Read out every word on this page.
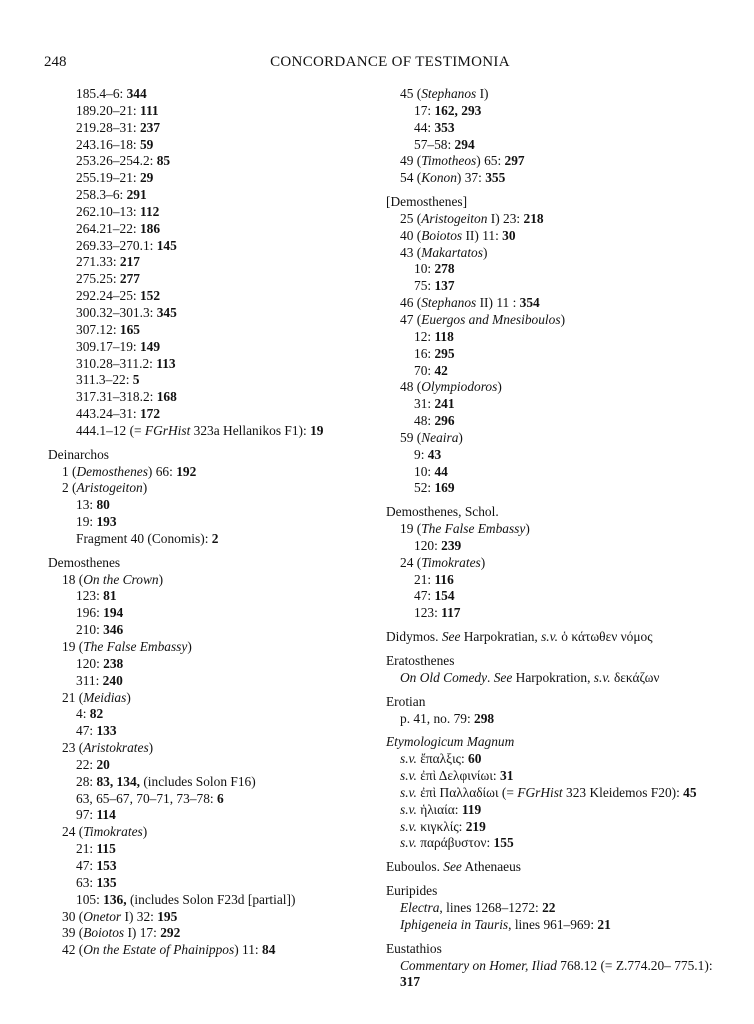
248	CONCORDANCE OF TESTIMONIA
185.4–6: 344
189.20–21: 111
219.28–31: 237
243.16–18: 59
253.26–254.2: 85
255.19–21: 29
258.3–6: 291
262.10–13: 112
264.21–22: 186
269.33–270.1: 145
271.33: 217
275.25: 277
292.24–25: 152
300.32–301.3: 345
307.12: 165
309.17–19: 149
310.28–311.2: 113
311.3–22: 5
317.31–318.2: 168
443.24–31: 172
444.1–12 (= FGrHist 323a Hellanikos F1): 19
Deinarchos
1 (Demosthenes) 66: 192
2 (Aristogeiton)
13: 80
19: 193
Fragment 40 (Conomis): 2
Demosthenes
18 (On the Crown)
123: 81
196: 194
210: 346
19 (The False Embassy)
120: 238
311: 240
21 (Meidias)
4: 82
47: 133
23 (Aristokrates)
22: 20
28: 83, 134, (includes Solon F16)
63, 65–67, 70–71, 73–78: 6
97: 114
24 (Timokrates)
21: 115
47: 153
63: 135
105: 136, (includes Solon F23d [partial])
30 (Onetor I) 32: 195
39 (Boiotos I) 17: 292
42 (On the Estate of Phainippos) 11: 84
45 (Stephanos I)
17: 162, 293
44: 353
57–58: 294
49 (Timotheos) 65: 297
54 (Konon) 37: 355
[Demosthenes]
25 (Aristogeiton I) 23: 218
40 (Boiotos II) 11: 30
43 (Makartatos)
10: 278
75: 137
46 (Stephanos II) 11 : 354
47 (Euergos and Mnesiboulos)
12: 118
16: 295
70: 42
48 (Olympiodoros)
31: 241
48: 296
59 (Neaira)
9: 43
10: 44
52: 169
Demosthenes, Schol.
19 (The False Embassy)
120: 239
24 (Timokrates)
21: 116
47: 154
123: 117
Didymos. See Harpokratian, s.v. ὁ κάτωθεν νόμος
Eratosthenes
On Old Comedy. See Harpokration, s.v. δεκάζων
Erotian
p. 41, no. 79: 298
Etymologicum Magnum
s.v. ἔπαλξις: 60
s.v. ἐπὶ Δελφινίωι: 31
s.v. ἐπὶ Παλλαδίωι (= FGrHist 323 Kleidemos F20): 45
s.v. ἡλιαία: 119
s.v. κιγκλίς: 219
s.v. παράβυστον: 155
Euboulos. See Athenaeus
Euripides
Electra, lines 1268–1272: 22
Iphigeneia in Tauris, lines 961–969: 21
Eustathios
Commentary on Homer, Iliad 768.12 (= Z.774.20– 775.1):
317
